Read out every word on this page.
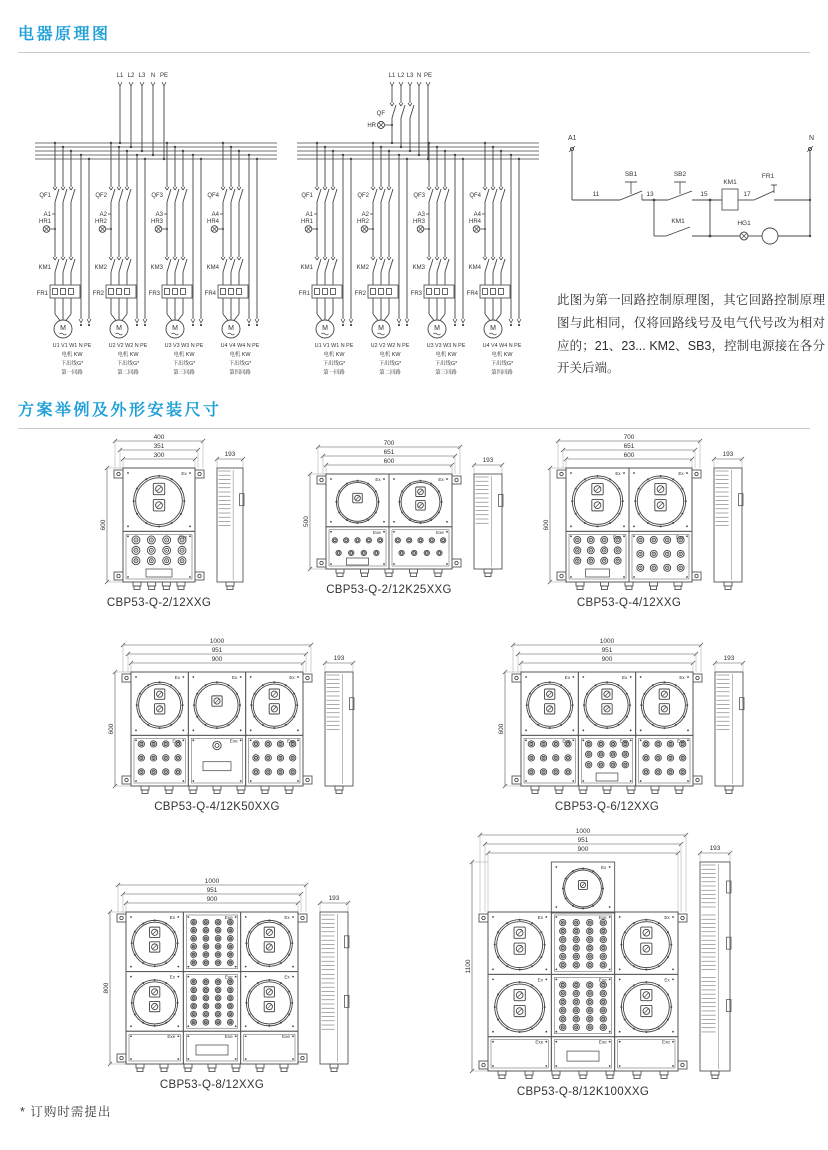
电器原理图
L1 L2 L3 N PE
QF1
A1
HR1
KM1
FR1
M
U1 V1 W1 N PE
电机 KW
下出线G*
第一回路
QF2
A2
HR2
KM2
FR2
M
U2 V2 W2 N PE
电机 KW
下出线G*
第二回路
QF3
A3
HR3
KM3
FR3
M
U3 V3 W3 N PE
电机 KW
下出线G*
第三回路
QF4
A4
HR4
KM4
FR4
M
U4 V4 W4 N PE
电机 KW
下出线G*
第四回路
L1 L2 L3 N PE
QF
HR
QF1
A1
HR1
KM1
FR1
M
U1 V1 W1 N PE
电机 KW
下出线G*
第一回路
QF2
A2
HR2
KM2
FR2
M
U2 V2 W2 N PE
电机 KW
下出线G*
第二回路
QF3
A3
HR3
KM3
FR3
M
U3 V3 W3 N PE
电机 KW
下出线G*
第三回路
QF4
A4
HR4
KM4
FR4
M
U4 V4 W4 N PE
电机 KW
下出线G*
第四回路
A1	N
11
SB1
13
SB2
15
KM1
17
FR1
KM1	HG1
此图为第一回路控制原理图，其它回路控制原理图与此相同，仅将回路线号及电气代号改为相对应的；21、23... KM2、SB3，控制电源接在各分开关后端。
方案举例及外形安装尺寸
400
351
300
600
193
Ex
Exe
CBP53-Q-2/12XXG
700
651
600
500
193
Ex	Ex
Exe	Exe
CBP53-Q-2/12K25XXG
700
651
600
600
193
Ex	Ex
Exe	Exe
CBP53-Q-4/12XXG
1000
951
900
600
193
Ex	Ex	Ex
Exe	Exe	Exe
CBP53-Q-4/12K50XXG
1000
951
900
600
193
Ex	Ex	Ex
Exe	Exe	Exe
CBP53-Q-6/12XXG
1000
951
900
800
193
Ex	Exe	Ex
Ex	Exe	Ex
Exe	Exe	Exe
CBP53-Q-8/12XXG
1000
951
900
1100
193
Ex
Ex	Exe	Ex
Ex	Exe	Ex
Exe	Exe	Exe
CBP53-Q-8/12K100XXG
* 订购时需提出
